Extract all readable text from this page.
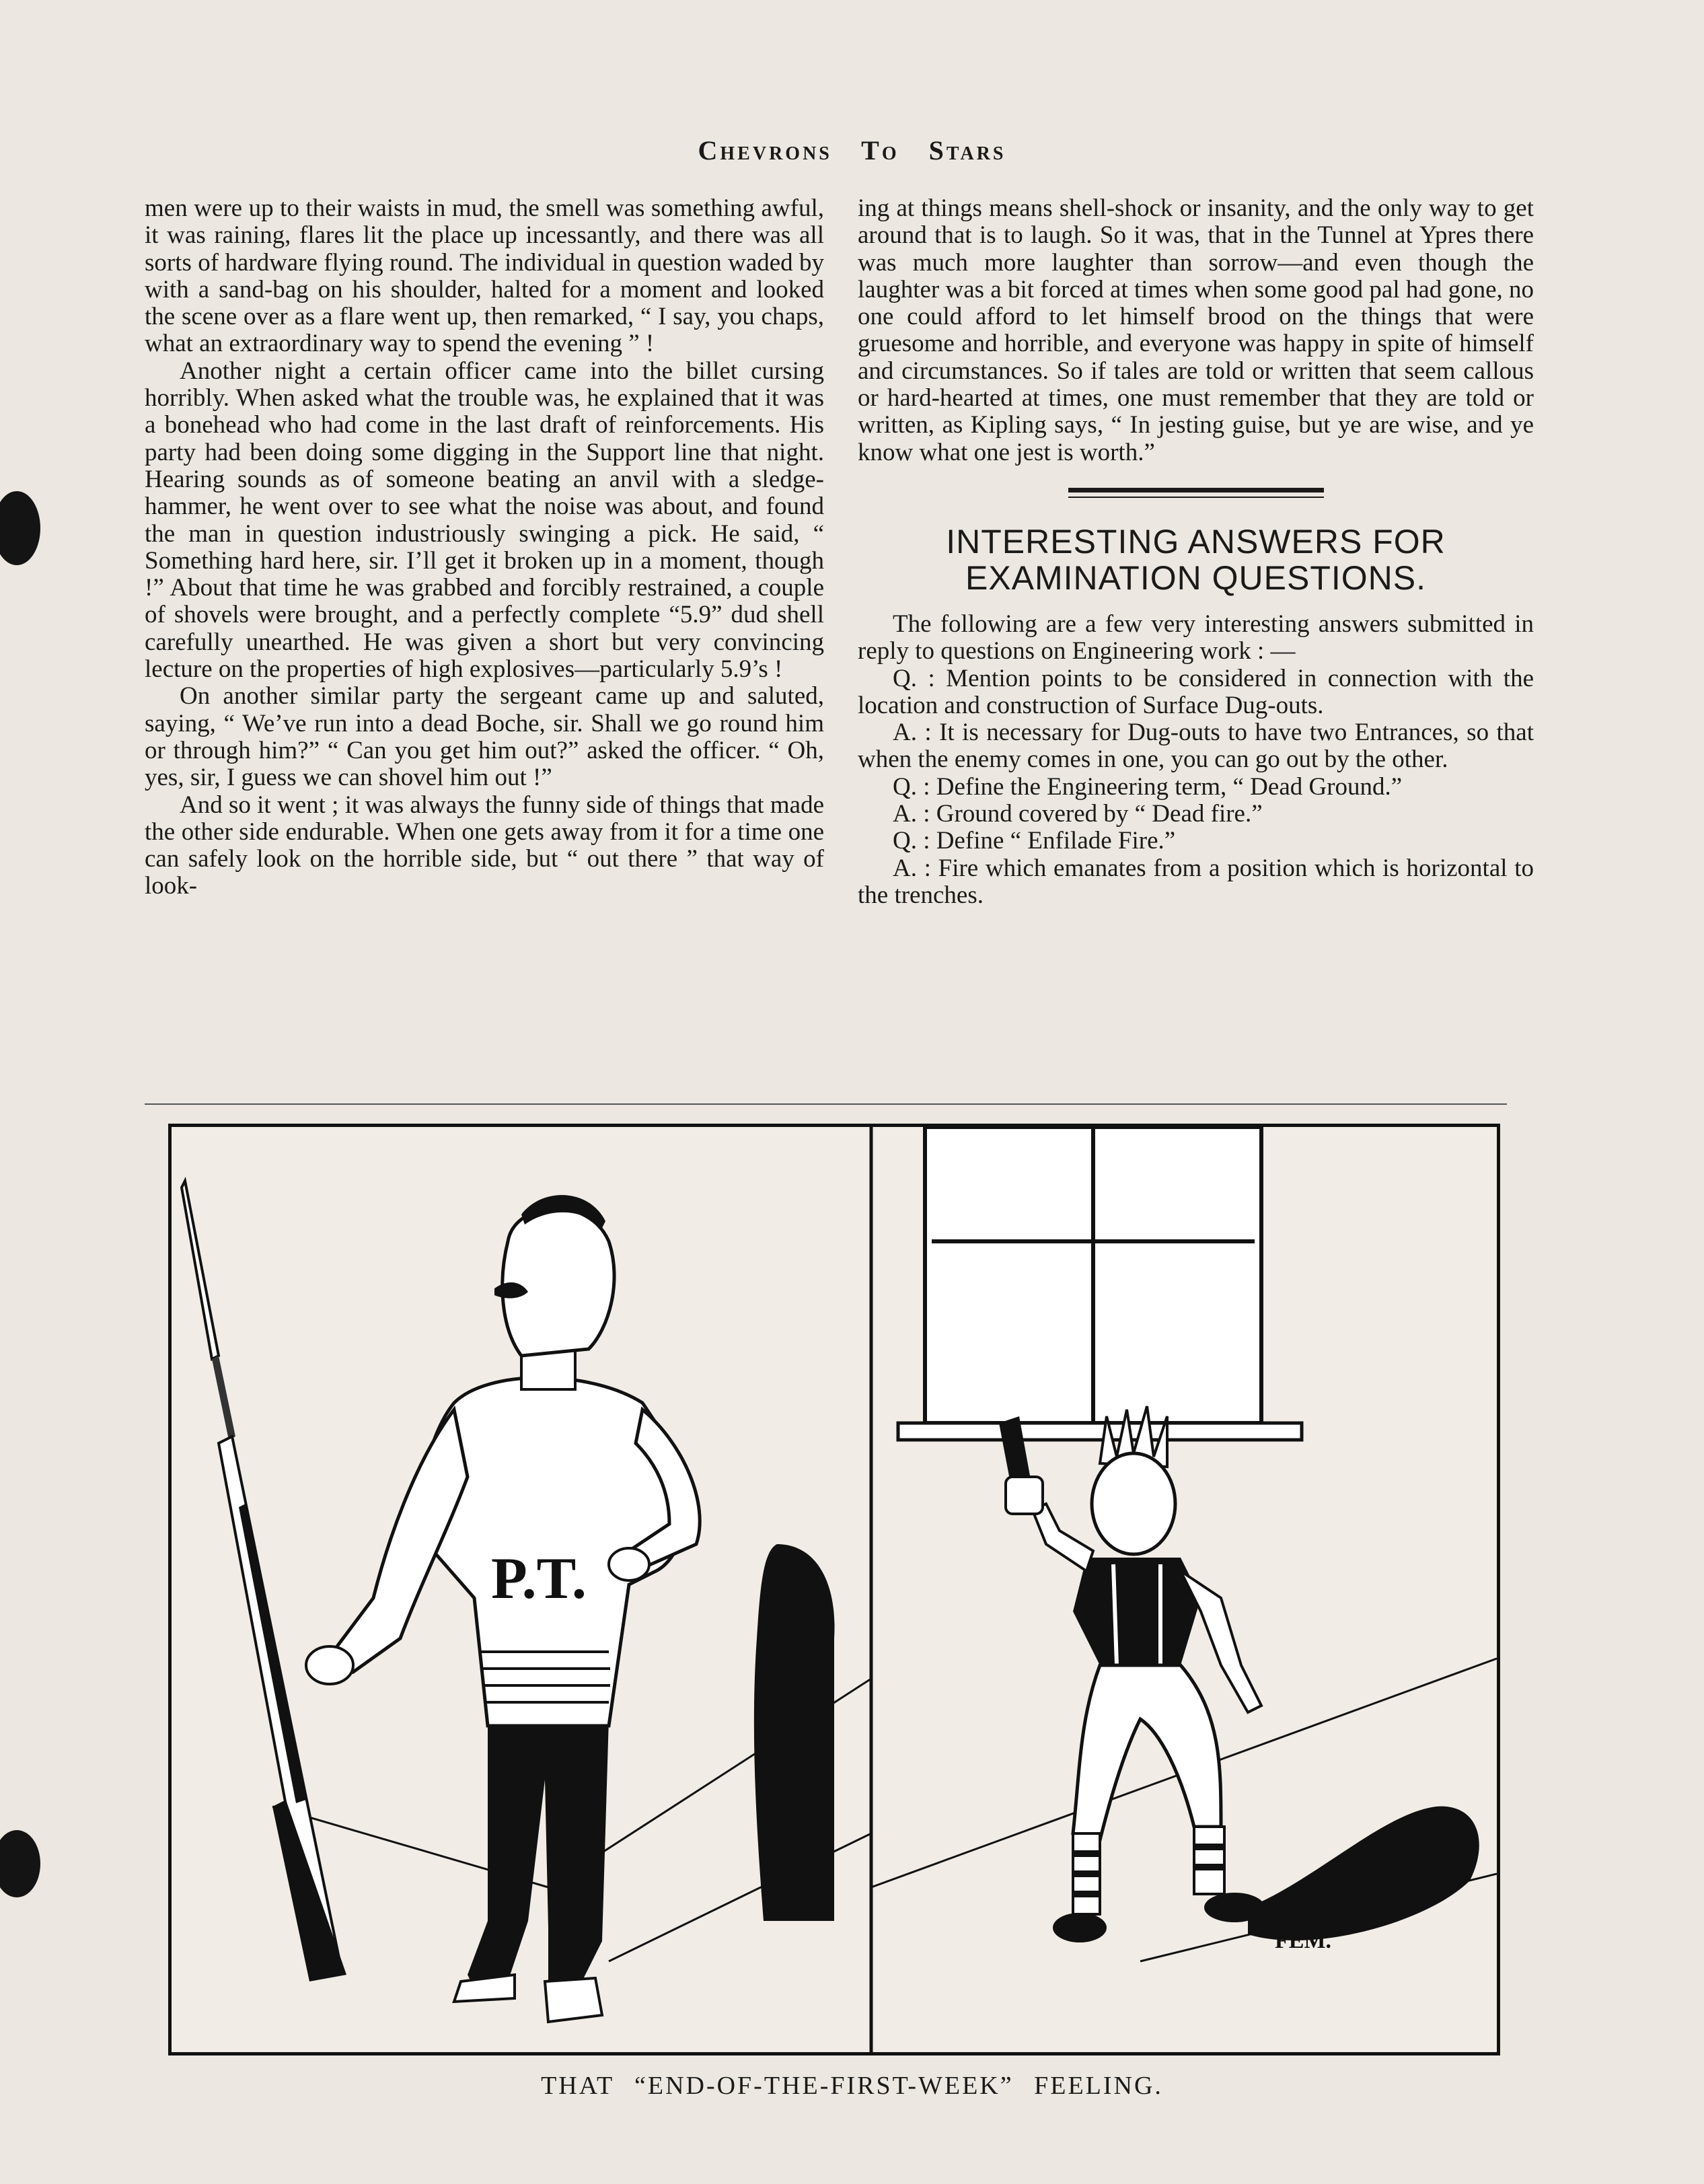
Chevrons To Stars

men were up to their waists in mud, the smell was something awful, it was raining, flares lit the place up incessantly, and there was all sorts of hardware flying round. The individual in question waded by with a sand-bag on his shoulder, halted for a moment and looked the scene over as a flare went up, then remarked, “ I say, you chaps, what an extraordinary way to spend the evening ” !

Another night a certain officer came into the billet cursing horribly. When asked what the trouble was, he explained that it was a bonehead who had come in the last draft of reinforcements. His party had been doing some digging in the Support line that night. Hearing sounds as of someone beating an anvil with a sledge-hammer, he went over to see what the noise was about, and found the man in question industriously swinging a pick. He said, “ Something hard here, sir. I’ll get it broken up in a moment, though !” About that time he was grabbed and forcibly restrained, a couple of shovels were brought, and a perfectly complete “5.9” dud shell carefully unearthed. He was given a short but very convincing lecture on the properties of high explosives—particularly 5.9’s !

On another similar party the sergeant came up and saluted, saying, “ We’ve run into a dead Boche, sir. Shall we go round him or through him?” “ Can you get him out?” asked the officer. “ Oh, yes, sir, I guess we can shovel him out !”

And so it went ; it was always the funny side of things that made the other side endurable. When one gets away from it for a time one can safely look on the horrible side, but “ out there ” that way of look-

ing at things means shell-shock or insanity, and the only way to get around that is to laugh. So it was, that in the Tunnel at Ypres there was much more laughter than sorrow—and even though the laughter was a bit forced at times when some good pal had gone, no one could afford to let himself brood on the things that were gruesome and horrible, and everyone was happy in spite of himself and circumstances. So if tales are told or written that seem callous or hard-hearted at times, one must remember that they are told or written, as Kipling says, “ In jesting guise, but ye are wise, and ye know what one jest is worth.”

INTERESTING ANSWERS FOR
EXAMINATION QUESTIONS.

The following are a few very interesting answers submitted in reply to questions on Engineering work : —

Q. : Mention points to be considered in connection with the location and construction of Surface Dug-outs.

A. : It is necessary for Dug-outs to have two Entrances, so that when the enemy comes in one, you can go out by the other.

Q. : Define the Engineering term, “ Dead Ground.”

A. : Ground covered by “ Dead fire.”

Q. : Define “ Enfilade Fire.”

A. : Fire which emanates from a position which is horizontal to the trenches.

P.T.
FEM.
THAT “END-OF-THE-FIRST-WEEK” FEELING.
